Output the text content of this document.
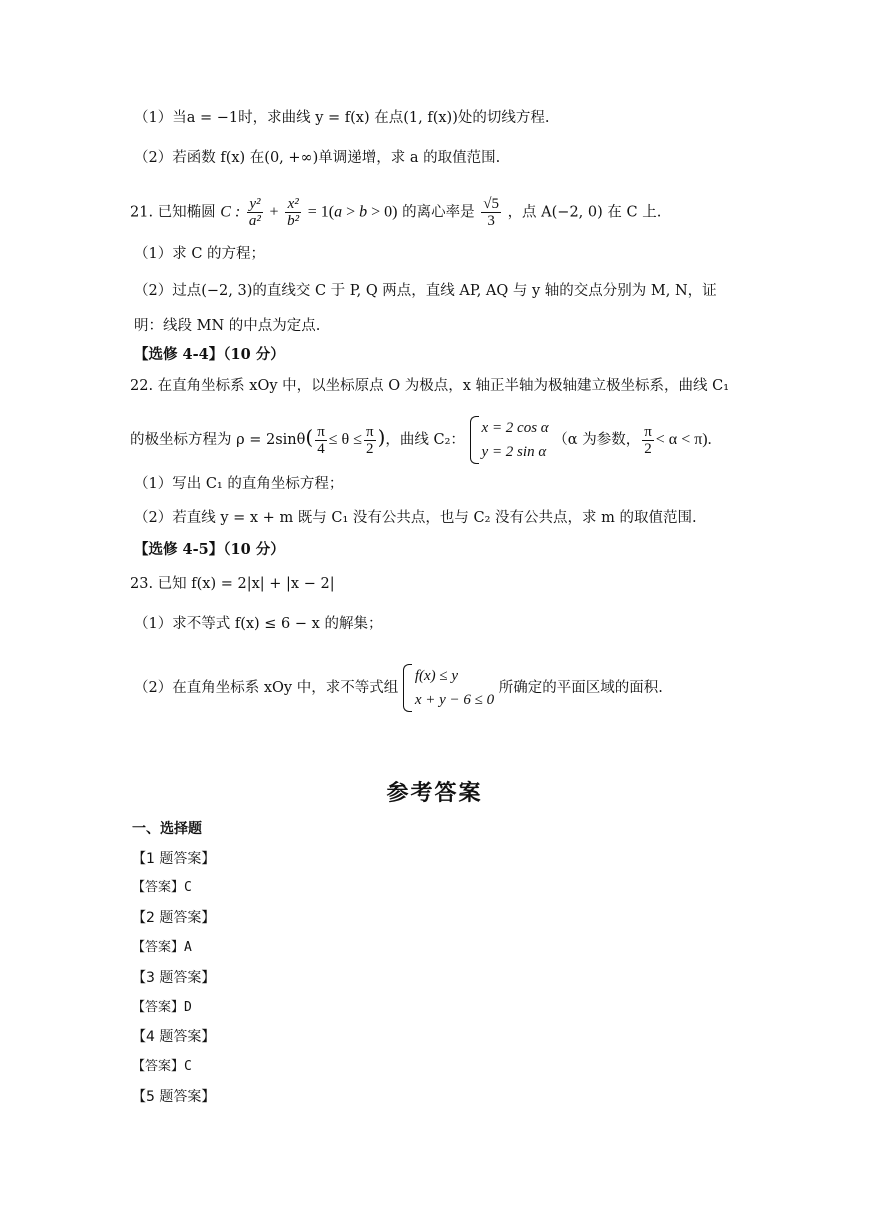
（1）当a = −1时，求曲线 y = f(x) 在点(1, f(x))处的切线方程.
（2）若函数 f(x) 在(0, +∞)单调递增，求 a 的取值范围.
21. 已知椭圆 C : $\frac{\text{y²}}{\text{a²}} + \frac{\text{x²}}{\text{b²}} = 1(a > b > 0)$ 的离心率是 $\frac{√5}{3}$ ，点 A(−2, 0) 在 C 上.
（1）求 C 的方程；
（2）过点(−2, 3)的直线交 C 于 P, Q 两点，直线 AP, AQ 与 y 轴的交点分别为 M, N，证
明：线段 MN 的中点为定点.
【选修 4-4】（10 分）
22. 在直角坐标系 xOy 中，以坐标原点 O 为极点，x 轴正半轴为极轴建立极坐标系，曲线 C₁
的极坐标方程为 $\rho = 2\sin\theta( \frac{\pi}{4} \le \theta \le \frac{\pi}{2}$ )，曲线 C₂：
x = 2 cos α
y = 2 sin α
（α 为参数， $\frac{\pi}{2} < \alpha < \pi$).
（1）写出 C₁ 的直角坐标方程；
（2）若直线 y = x + m 既与 C₁ 没有公共点，也与 C₂ 没有公共点，求 m 的取值范围.
【选修 4-5】（10 分）
23. 已知 f(x) = 2|x| + |x − 2|
（1）求不等式 f(x) ≤ 6 − x 的解集；
（2）在直角坐标系 xOy 中，求不等式组
f(x) ≤ y
x + y − 6 ≤ 0
所确定的平面区域的面积.
参考答案
一、选择题
【1 题答案】
【答案】C
【2 题答案】
【答案】A
【3 题答案】
【答案】D
【4 题答案】
【答案】C
【5 题答案】
